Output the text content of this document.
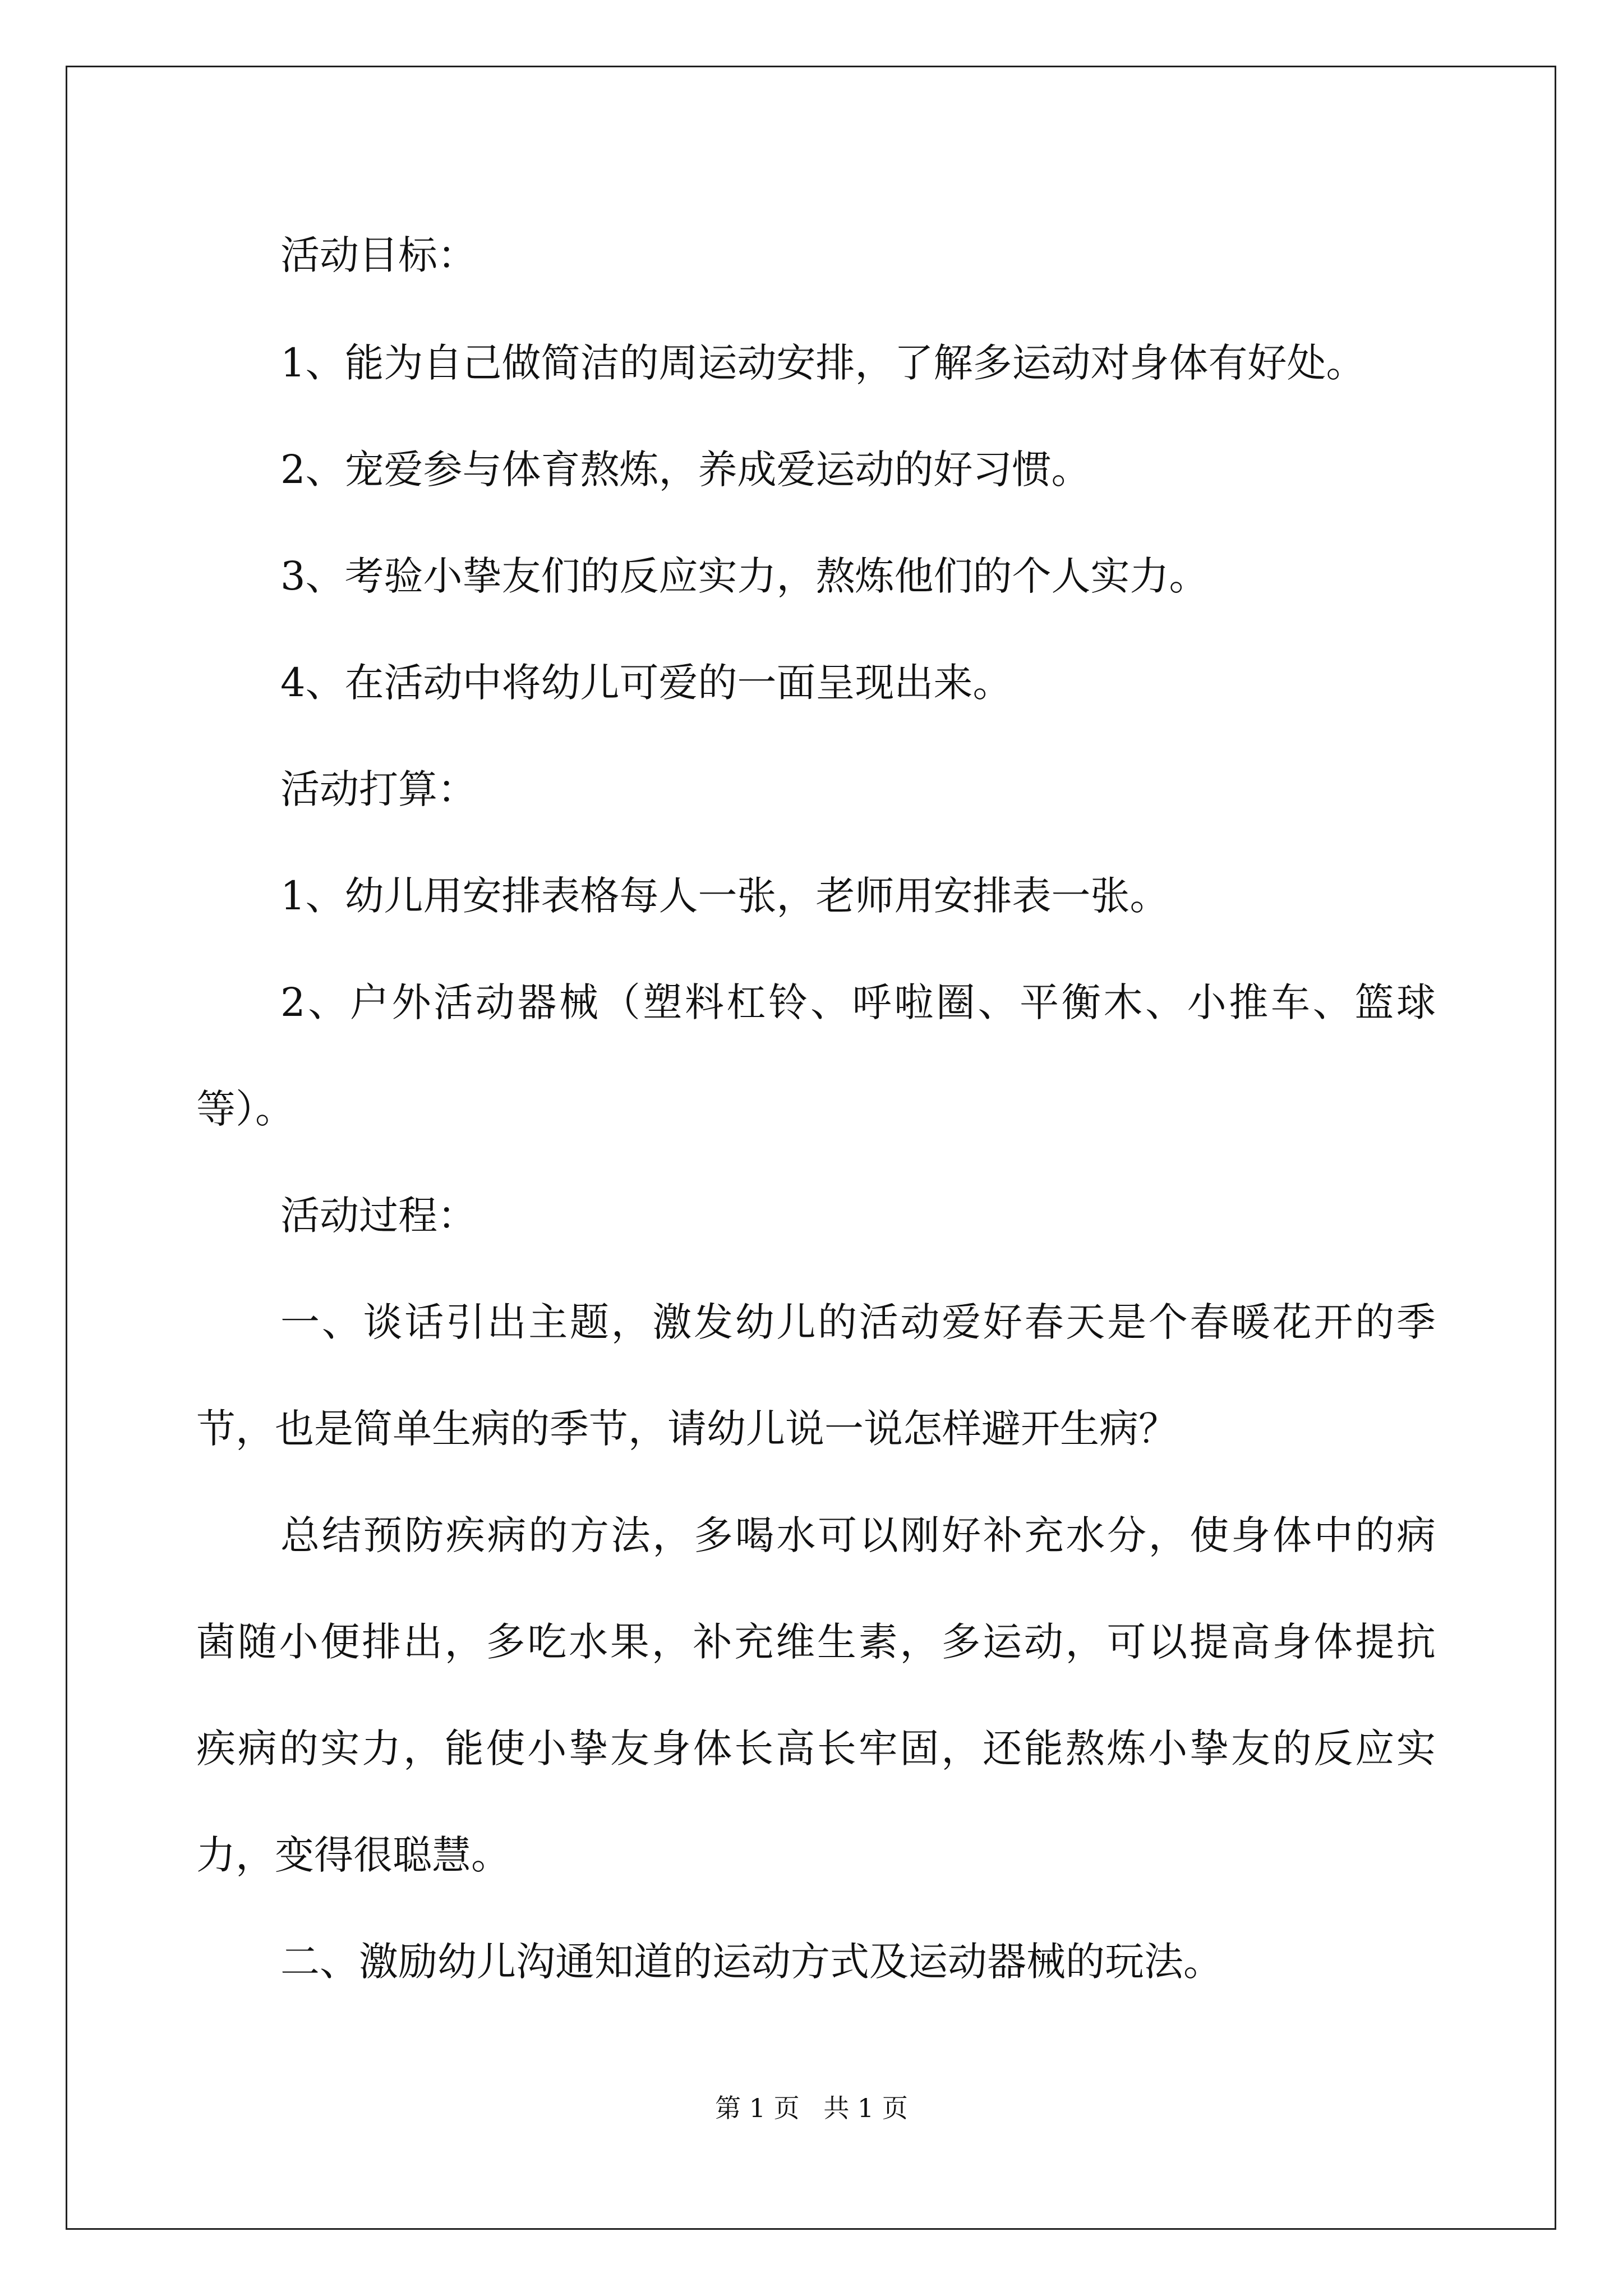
活动目标：
1、能为自己做简洁的周运动安排，了解多运动对身体有好处。
2、宠爱参与体育熬炼，养成爱运动的好习惯。
3、考验小挚友们的反应实力，熬炼他们的个人实力。
4、在活动中将幼儿可爱的一面呈现出来。
活动打算：
1、幼儿用安排表格每人一张，老师用安排表一张。
2、户外活动器械（塑料杠铃、呼啦圈、平衡木、小推车、篮球
等）。
活动过程：
一、谈话引出主题，激发幼儿的活动爱好春天是个春暖花开的季
节，也是简单生病的季节，请幼儿说一说怎样避开生病？
总结预防疾病的方法，多喝水可以刚好补充水分，使身体中的病
菌随小便排出，多吃水果，补充维生素，多运动，可以提高身体提抗
疾病的实力，能使小挚友身体长高长牢固，还能熬炼小挚友的反应实
力，变得很聪慧。
二、激励幼儿沟通知道的运动方式及运动器械的玩法。
第 1 页 共 1 页
